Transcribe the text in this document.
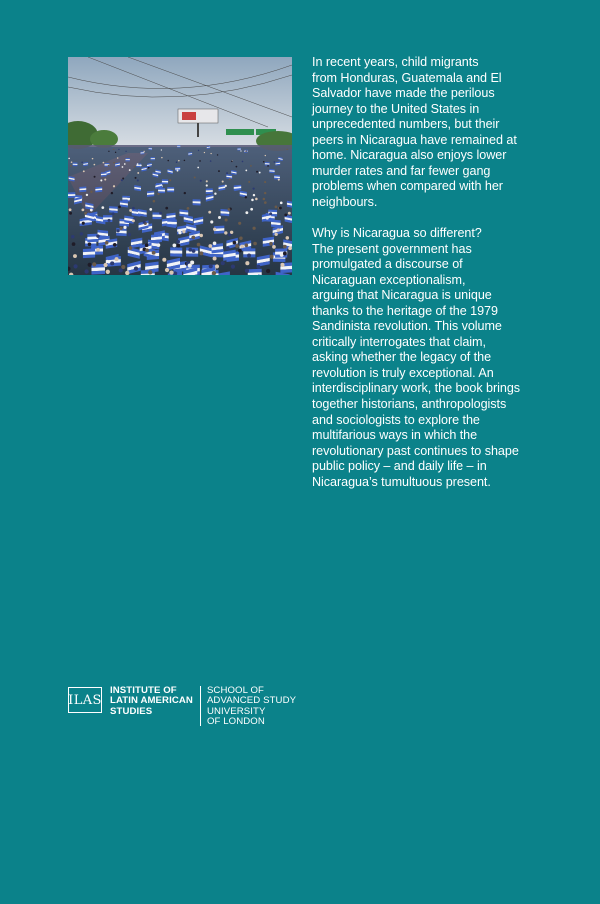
In recent years, child migrants
from Honduras, Guatemala and El
Salvador have made the perilous
journey to the United States in
unprecedented numbers, but their
peers in Nicaragua have remained at
home. Nicaragua also enjoys lower
murder rates and far fewer gang
problems when compared with her
neighbours.

Why is Nicaragua so different?
The present government has
promulgated a discourse of
Nicaraguan exceptionalism,
arguing that Nicaragua is unique
thanks to the heritage of the 1979
Sandinista revolution. This volume
critically interrogates that claim,
asking whether the legacy of the
revolution is truly exceptional. An
interdisciplinary work, the book brings
together historians, anthropologists
and sociologists to explore the
multifarious ways in which the
revolutionary past continues to shape
public policy – and daily life – in
Nicaragua’s tumultuous present.

ILAS
INSTITUTE OF
LATIN AMERICAN
STUDIES
SCHOOL OF
ADVANCED STUDY
UNIVERSITY
OF LONDON
